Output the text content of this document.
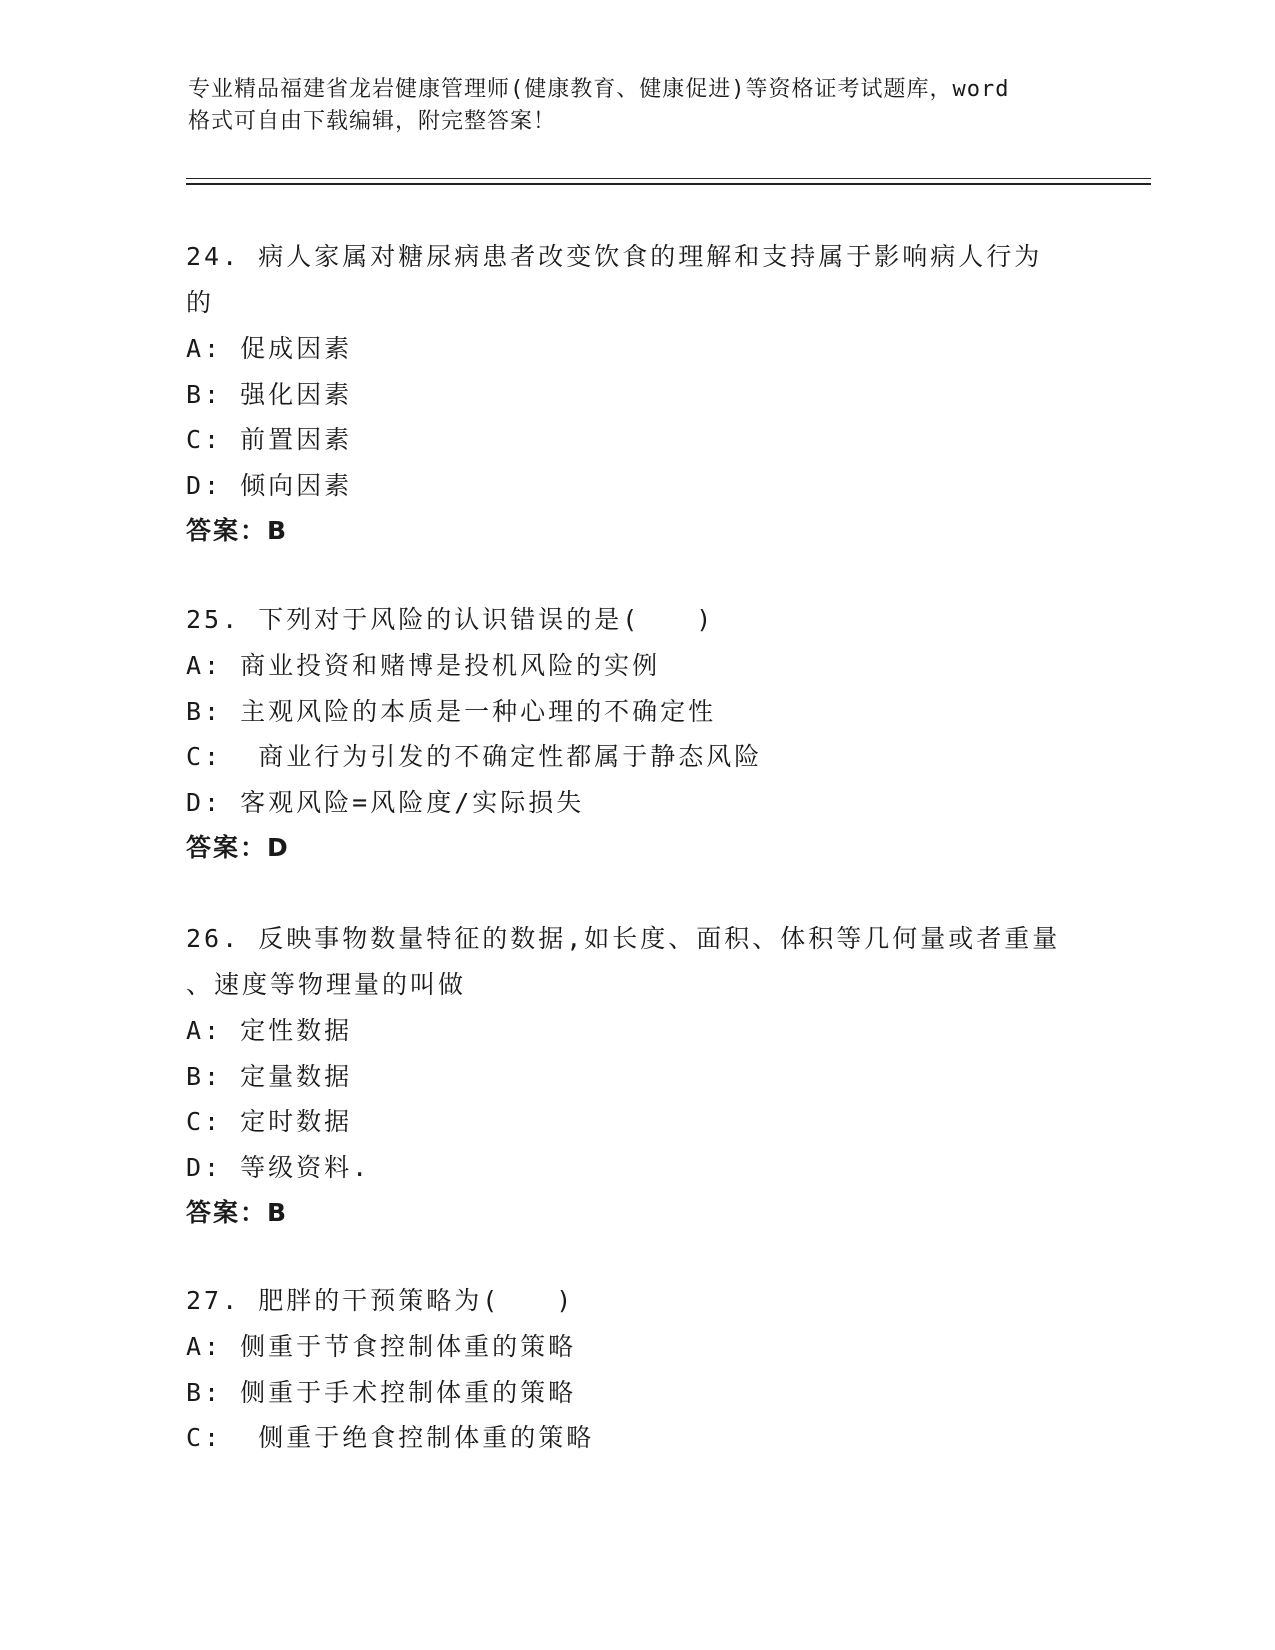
专业精品福建省龙岩健康管理师(健康教育、健康促进)等资格证考试题库，word

格式可自由下载编辑，附完整答案！

24. 病人家属对糖尿病患者改变饮食的理解和支持属于影响病人行为

的

A: 促成因素

B: 强化因素

C: 前置因素

D: 倾向因素

答案：B

25. 下列对于风险的认识错误的是(　　)

A: 商业投资和赌博是投机风险的实例

B: 主观风险的本质是一种心理的不确定性

C:  商业行为引发的不确定性都属于静态风险

D: 客观风险=风险度/实际损失

答案：D

26. 反映事物数量特征的数据,如长度、面积、体积等几何量或者重量

、速度等物理量的叫做

A: 定性数据

B: 定量数据

C: 定时数据

D: 等级资料.

答案：B

27. 肥胖的干预策略为(　　)

A: 侧重于节食控制体重的策略

B: 侧重于手术控制体重的策略

C:  侧重于绝食控制体重的策略
